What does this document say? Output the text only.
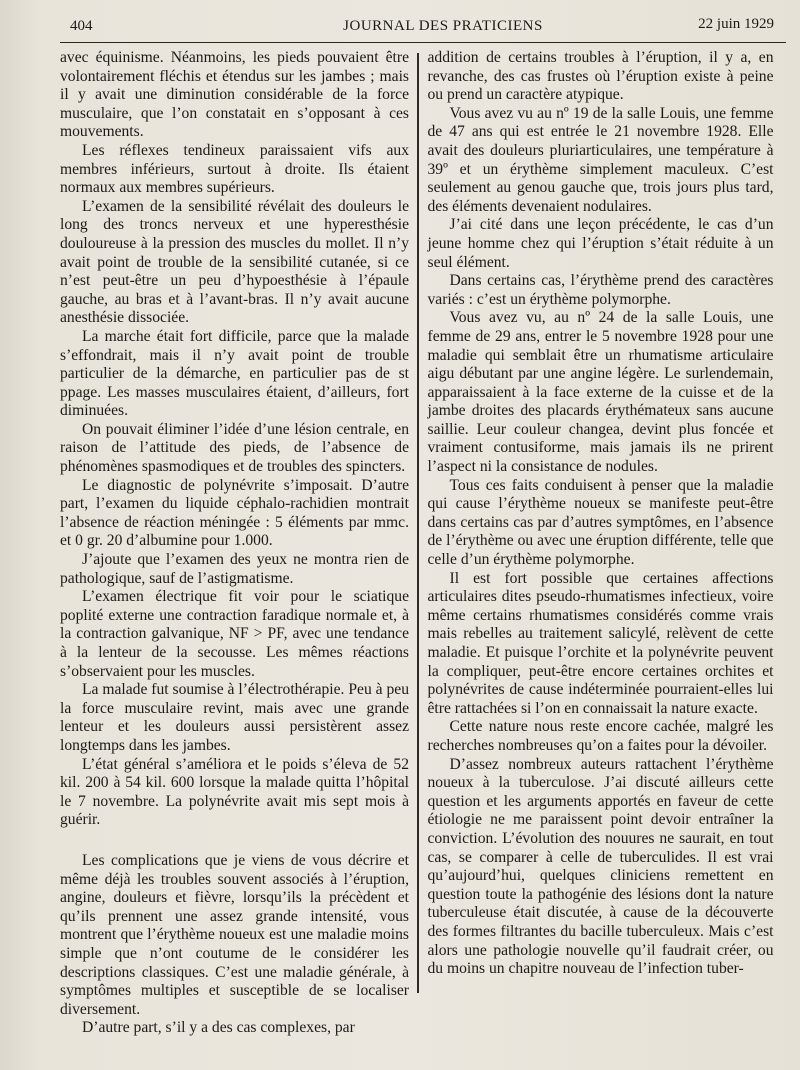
404	JOURNAL DES PRATICIENS	22 juin 1929

avec équinisme. Néanmoins, les pieds pouvaient être volontairement fléchis et étendus sur les jambes ; mais il y avait une diminution considérable de la force musculaire, que l’on constatait en s’opposant à ces mouvements.

Les réflexes tendineux paraissaient vifs aux membres inférieurs, surtout à droite. Ils étaient normaux aux membres supérieurs.

L’examen de la sensibilité révélait des douleurs le long des troncs nerveux et une hyperesthésie douloureuse à la pression des muscles du mollet. Il n’y avait point de trouble de la sensibilité cutanée, si ce n’est peut-être un peu d’hypoesthésie à l’épaule gauche, au bras et à l’avant-bras. Il n’y avait aucune anesthésie dissociée.

La marche était fort difficile, parce que la malade s’effondrait, mais il n’y avait point de trouble particulier de la démarche, en particulier pas de st ppage. Les masses musculaires étaient, d’ailleurs, fort diminuées.

On pouvait éliminer l’idée d’une lésion centrale, en raison de l’attitude des pieds, de l’absence de phénomènes spasmodiques et de troubles des spincters.

Le diagnostic de polynévrite s’imposait. D’autre part, l’examen du liquide céphalo-rachidien montrait l’absence de réaction méningée : 5 éléments par mmc. et 0 gr. 20 d’albumine pour 1.000.

J’ajoute que l’examen des yeux ne montra rien de pathologique, sauf de l’astigmatisme.

L’examen électrique fit voir pour le sciatique poplité externe une contraction faradique normale et, à la contraction galvanique, NF > PF, avec une tendance à la lenteur de la secousse. Les mêmes réactions s’observaient pour les muscles.

La malade fut soumise à l’électrothérapie. Peu à peu la force musculaire revint, mais avec une grande lenteur et les douleurs aussi persistèrent assez longtemps dans les jambes.

L’état général s’améliora et le poids s’éleva de 52 kil. 200 à 54 kil. 600 lorsque la malade quitta l’hôpital le 7 novembre. La polynévrite avait mis sept mois à guérir.

Les complications que je viens de vous décrire et même déjà les troubles souvent associés à l’éruption, angine, douleurs et fièvre, lorsqu’ils la précèdent et qu’ils prennent une assez grande intensité, vous montrent que l’érythème noueux est une maladie moins simple que n’ont coutume de le considérer les descriptions classiques. C’est une maladie générale, à symptômes multiples et susceptible de se localiser diversement.

D’autre part, s’il y a des cas complexes, par

addition de certains troubles à l’éruption, il y a, en revanche, des cas frustes où l’éruption existe à peine ou prend un caractère atypique.

Vous avez vu au nº 19 de la salle Louis, une femme de 47 ans qui est entrée le 21 novembre 1928. Elle avait des douleurs pluriarticulaires, une température à 39º et un érythème simplement maculeux. C’est seulement au genou gauche que, trois jours plus tard, des éléments devenaient nodulaires.

J’ai cité dans une leçon précédente, le cas d’un jeune homme chez qui l’éruption s’était réduite à un seul élément.

Dans certains cas, l’érythème prend des caractères variés : c’est un érythème polymorphe.

Vous avez vu, au nº 24 de la salle Louis, une femme de 29 ans, entrer le 5 novembre 1928 pour une maladie qui semblait être un rhumatisme articulaire aigu débutant par une angine légère. Le surlendemain, apparaissaient à la face externe de la cuisse et de la jambe droites des placards érythémateux sans aucune saillie. Leur couleur changea, devint plus foncée et vraiment contusiforme, mais jamais ils ne prirent l’aspect ni la consistance de nodules.

Tous ces faits conduisent à penser que la maladie qui cause l’érythème noueux se manifeste peut-être dans certains cas par d’autres symptômes, en l’absence de l’érythème ou avec une éruption différente, telle que celle d’un érythème polymorphe.

Il est fort possible que certaines affections articulaires dites pseudo-rhumatismes infectieux, voire même certains rhumatismes considérés comme vrais mais rebelles au traitement salicylé, relèvent de cette maladie. Et puisque l’orchite et la polynévrite peuvent la compliquer, peut-être encore certaines orchites et polynévrites de cause indéterminée pourraient-elles lui être rattachées si l’on en connaissait la nature exacte.

Cette nature nous reste encore cachée, malgré les recherches nombreuses qu’on a faites pour la dévoiler.

D’assez nombreux auteurs rattachent l’érythème noueux à la tuberculose. J’ai discuté ailleurs cette question et les arguments apportés en faveur de cette étiologie ne me paraissent point devoir entraîner la conviction. L’évolution des nouures ne saurait, en tout cas, se comparer à celle de tuberculides. Il est vrai qu’aujourd’hui, quelques cliniciens remettent en question toute la pathogénie des lésions dont la nature tuberculeuse était discutée, à cause de la découverte des formes filtrantes du bacille tuberculeux. Mais c’est alors une pathologie nouvelle qu’il faudrait créer, ou du moins un chapitre nouveau de l’infection tuber-
